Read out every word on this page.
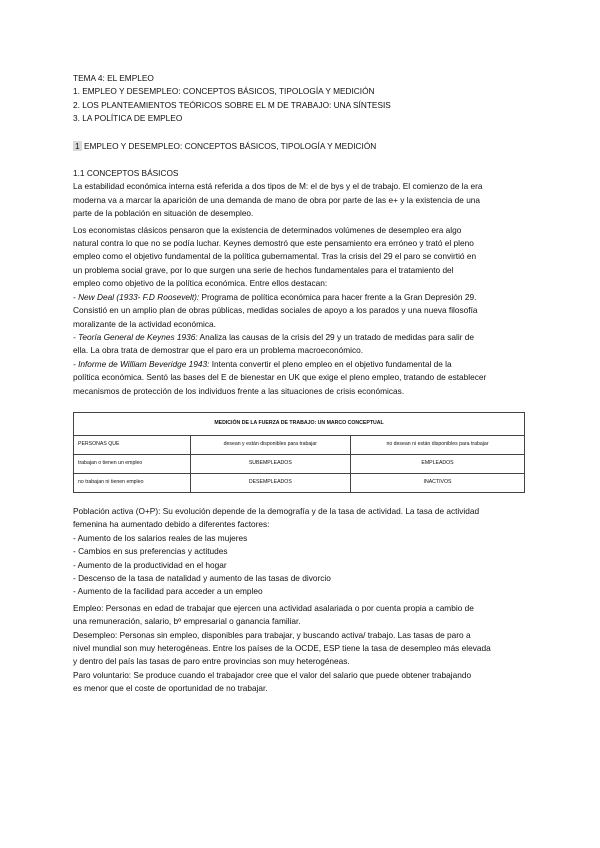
TEMA 4: EL EMPLEO
1. EMPLEO Y DESEMPLEO: CONCEPTOS BÁSICOS, TIPOLOGÍA Y MEDICIÓN
2. LOS PLANTEAMIENTOS TEÓRICOS SOBRE EL M DE TRABAJO: UNA SÍNTESIS
3. LA POLÍTICA DE EMPLEO
1 EMPLEO Y DESEMPLEO: CONCEPTOS BÁSICOS, TIPOLOGÍA Y MEDICIÓN
1.1 CONCEPTOS BÁSICOS

La estabilidad económica interna está referida a dos tipos de M: el de bys y el de trabajo. El comienzo de la era
moderna va a marcar la aparición de una demanda de mano de obra por parte de las e+ y la existencia de una
parte de la población en situación de desempleo.

Los economistas clásicos pensaron que la existencia de determinados volúmenes de desempleo era algo
natural contra lo que no se podía luchar. Keynes demostró que este pensamiento era erróneo y trató el pleno
empleo como el objetivo fundamental de la política gubernamental. Tras la crisis del 29 el paro se convirtió en
un problema social grave, por lo que surgen una serie de hechos fundamentales para el tratamiento del
empleo como objetivo de la política económica. Entre ellos destacan:

- New Deal (1933- F.D Roosevelt): Programa de política económica para hacer frente a la Gran Depresión 29.
Consistió en un amplio plan de obras públicas, medidas sociales de apoyo a los parados y una nueva filosofía
moralizante de la actividad económica.

- Teoría General de Keynes 1936: Analiza las causas de la crisis del 29 y un tratado de medidas para salir de
ella. La obra trata de demostrar que el paro era un problema macroeconómico.

- Informe de William Beveridge 1943: Intenta convertir el pleno empleo en el objetivo fundamental de la
política económica. Sentó las bases del E de bienestar en UK que exige el pleno empleo, tratando de establecer
mecanismos de protección de los individuos frente a las situaciones de crisis económicas.

MEDICIÓN DE LA FUERZA DE TRABAJO: UN MARCO CONCEPTUAL		
PERSONAS QUE	desean y están disponibles para trabajar	no desean ni están disponibles para trabajar
trabajan o tienen un empleo	SUBEMPLEADOS	EMPLEADOS
no trabajan ni tienen empleo	DESEMPLEADOS	INACTIVOS

Población activa (O+P): Su evolución depende de la demografía y de la tasa de actividad. La tasa de actividad
femenina ha aumentado debido a diferentes factores:
- Aumento de los salarios reales de las mujeres
- Cambios en sus preferencias y actitudes
- Aumento de la productividad en el hogar
- Descenso de la tasa de natalidad y aumento de las tasas de divorcio
- Aumento de la facilidad para acceder a un empleo

Empleo: Personas en edad de trabajar que ejercen una actividad asalariada o por cuenta propia a cambio de
una remuneración, salario, bº empresarial o ganancia familiar.

Desempleo: Personas sin empleo, disponibles para trabajar, y buscando activa/ trabajo. Las tasas de paro a
nivel mundial son muy heterogéneas. Entre los países de la OCDE, ESP tiene la tasa de desempleo más elevada
y dentro del país las tasas de paro entre provincias son muy heterogéneas.

Paro voluntario: Se produce cuando el trabajador cree que el valor del salario que puede obtener trabajando
es menor que el coste de oportunidad de no trabajar.
